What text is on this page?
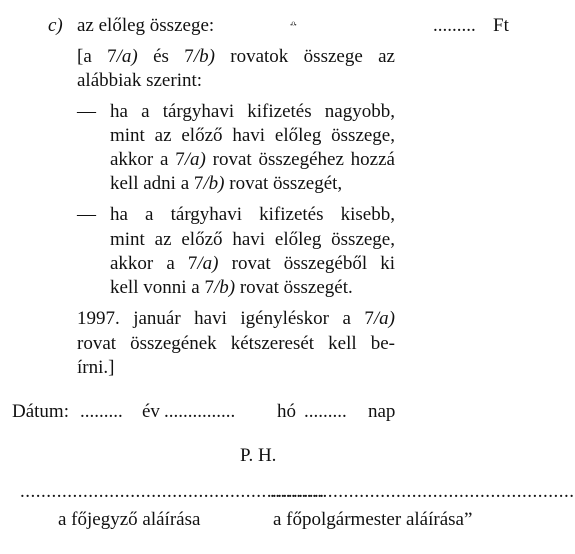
c) az előleg összege:	·ͦ·	......... Ft
[a 7/a) és 7/b) rovatok összege az
alábbiak szerint:
— ha a tárgyhavi kifizetés nagyobb,
mint az előző havi előleg összege,
akkor a 7/a) rovat összegéhez hozzá
kell adni a 7/b) rovat összegét,
— ha a tárgyhavi kifizetés kisebb,
mint az előző havi előleg összege,
akkor a 7/a) rovat összegéből ki
kell vonni a 7/b) rovat összegét.
1997. január havi igényléskor a 7/a)
rovat összegének kétszeresét kell be-
írni.]
Dátum: ......... év ............... hó ......... nap
P. H.
..........................................................
..........................................................
a főjegyző aláírása	a főpolgármester aláírása”
